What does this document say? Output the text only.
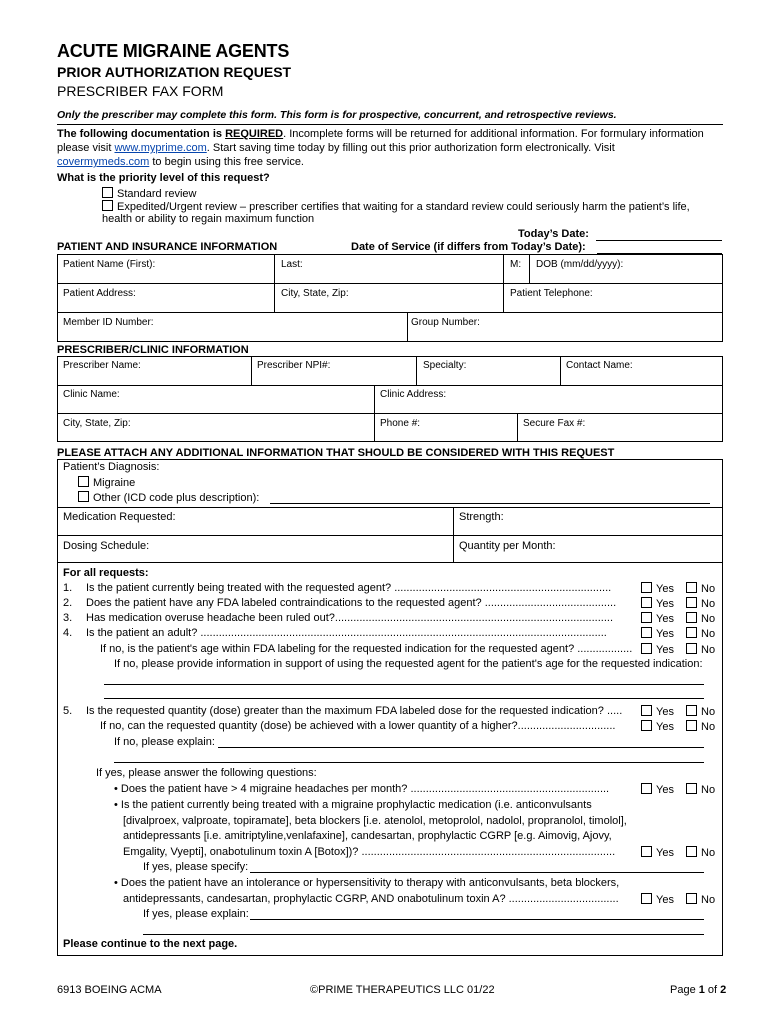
ACUTE MIGRAINE AGENTS
PRIOR AUTHORIZATION REQUEST
PRESCRIBER FAX FORM
Only the prescriber may complete this form. This form is for prospective, concurrent, and retrospective reviews.
The following documentation is REQUIRED. Incomplete forms will be returned for additional information. For formulary information
please visit www.myprime.com. Start saving time today by filling out this prior authorization form electronically. Visit
covermymeds.com to begin using this free service.
What is the priority level of this request?
Standard review
Expedited/Urgent review – prescriber certifies that waiting for a standard review could seriously harm the patient’s life,
health or ability to regain maximum function
Today’s Date:
PATIENT AND INSURANCE INFORMATION	Date of Service (if differs from Today’s Date):
Patient Name (First):	Last:	M: DOB (mm/dd/yyyy):
Patient Address:	City, State, Zip:	Patient Telephone:
Member ID Number:	Group Number:
PRESCRIBER/CLINIC INFORMATION
Prescriber Name:	Prescriber NPI#:	Specialty:	Contact Name:
Clinic Name:	Clinic Address:
City, State, Zip:	Phone #:	Secure Fax #:
PLEASE ATTACH ANY ADDITIONAL INFORMATION THAT SHOULD BE CONSIDERED WITH THIS REQUEST
Patient’s Diagnosis:
Migraine
Other (ICD code plus description):
Medication Requested:	Strength:
Dosing Schedule:	Quantity per Month:
For all requests:
1. Is the patient currently being treated with the requested agent? .......................................................................	Yes	No
2. Does the patient have any FDA labeled contraindications to the requested agent? ...........................................	Yes	No
3. Has medication overuse headache been ruled out?...........................................................................................	Yes	No
4. Is the patient an adult? .....................................................................................................................................	Yes	No
If no, is the patient's age within FDA labeling for the requested indication for the requested agent? ..................	Yes	No
If no, please provide information in support of using the requested agent for the patient's age for the requested indication:
5. Is the requested quantity (dose) greater than the maximum FDA labeled dose for the requested indication? .....	Yes	No
If no, can the requested quantity (dose) be achieved with a lower quantity of a higher?................................	Yes	No
If no, please explain:
If yes, please answer the following questions:
• Does the patient have > 4 migraine headaches per month? .................................................................	Yes	No
• Is the patient currently being treated with a migraine prophylactic medication (i.e. anticonvulsants
[divalproex, valproate, topiramate], beta blockers [i.e. atenolol, metoprolol, nadolol, propranolol, timolol],
antidepressants [i.e. amitriptyline,venlafaxine], candesartan, prophylactic CGRP [e.g. Aimovig, Ajovy,
Emgality, Vyepti], onabotulinum toxin A [Botox])? ...................................................................................	Yes	No
If yes, please specify:
• Does the patient have an intolerance or hypersensitivity to therapy with anticonvulsants, beta blockers,
antidepressants, candesartan, prophylactic CGRP, AND onabotulinum toxin A? ....................................	Yes	No
If yes, please explain:
Please continue to the next page.
6913 BOEING ACMA	©PRIME THERAPEUTICS LLC 01/22	Page 1 of 2
